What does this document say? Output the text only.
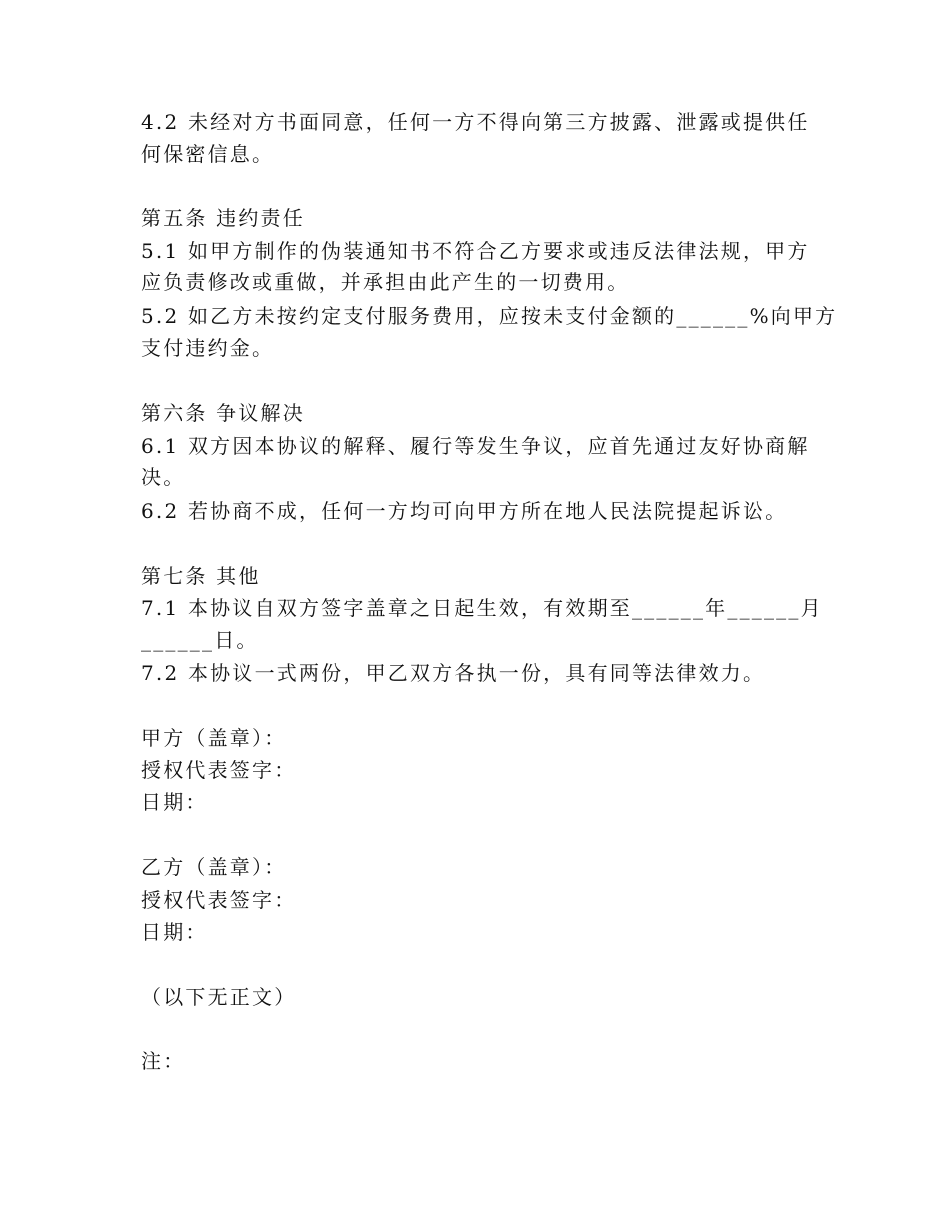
4.2 未经对方书面同意，任何一方不得向第三方披露、泄露或提供任
何保密信息。
第五条 违约责任
5.1 如甲方制作的伪装通知书不符合乙方要求或违反法律法规，甲方
应负责修改或重做，并承担由此产生的一切费用。
5.2 如乙方未按约定支付服务费用，应按未支付金额的______%向甲方
支付违约金。
第六条 争议解决
6.1 双方因本协议的解释、履行等发生争议，应首先通过友好协商解
决。
6.2 若协商不成，任何一方均可向甲方所在地人民法院提起诉讼。
第七条 其他
7.1 本协议自双方签字盖章之日起生效，有效期至______年______月
______日。
7.2 本协议一式两份，甲乙双方各执一份，具有同等法律效力。
甲方（盖章）：
授权代表签字：
日期：
乙方（盖章）：
授权代表签字：
日期：
（以下无正文）
注：
